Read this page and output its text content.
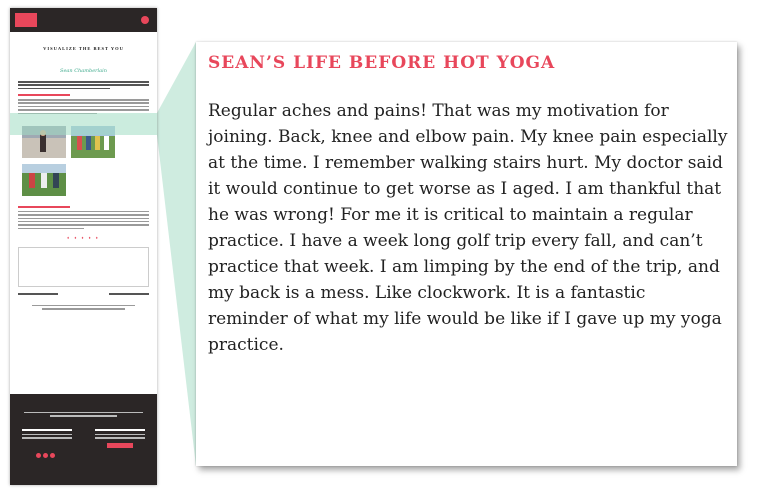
VISUALIZE THE BEST YOU
Sean Chamberlain

♦ ♦ ♦ ♦ ♦
SEAN’S LIFE BEFORE HOT YOGA
Regular aches and pains! That was my motivation for joining. Back, knee and elbow pain. My knee pain especially at the time. I remember walking stairs hurt. My doctor said it would continue to get worse as I aged. I am thankful that he was wrong! For me it is critical to maintain a regular practice. I have a week long golf trip every fall, and can’t practice that week. I am limping by the end of the trip, and my back is a mess. Like clockwork. It is a fantastic reminder of what my life would be like if I gave up my yoga practice.
